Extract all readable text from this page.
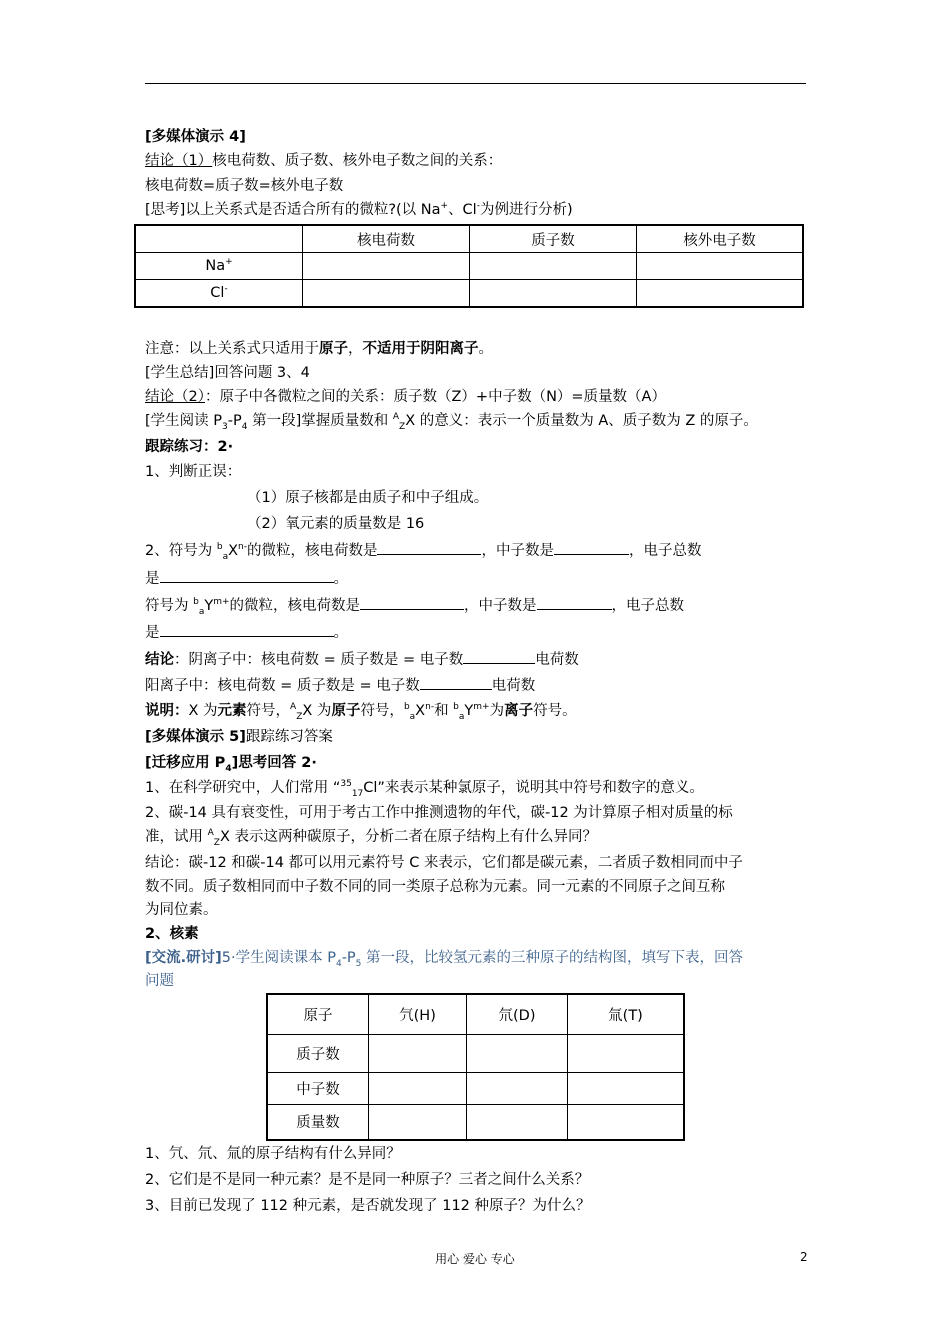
[多媒体演示 4]
结论（1）核电荷数、质子数、核外电子数之间的关系：
核电荷数=质子数=核外电子数
[思考]以上关系式是否适合所有的微粒?(以 Na+、Cl-为例进行分析)
	核电荷数	质子数	核外电子数
Na+			
Cl-			
注意：以上关系式只适用于原子，不适用于阴阳离子。
[学生总结]回答问题 3、4
结论（2）：原子中各微粒之间的关系：质子数（Z）+中子数（N）=质量数（A）
[学生阅读 $P_3-P_4$ 第一段]掌握质量数和 $^A_Z$X 的意义：表示一个质量数为 A、质子数为 Z 的原子。
跟踪练习：2·
1、判断正误：
（1）原子核都是由质子和中子组成。
（2）氧元素的质量数是 16
2、符号为 $^b_aX^{n-}$的微粒，核电荷数是	，中子数是	，电子总数
是	。
符号为 $^b_aY^{m+}$的微粒，核电荷数是	，中子数是	，电子总数
是	。
结论：阴离子中：核电荷数 = 质子数是 = 电子数	电荷数
阳离子中：核电荷数 = 质子数是 = 电子数	电荷数
说明：X 为元素符号，$^A_Z$X 为原子符号，$^b_aX^{n-}$和 $^b_aY^{m+}$为离子符号。
[多媒体演示 5]跟踪练习答案
[迁移应用 $P_4$]思考回答 2·
1、在科学研究中，人们常用 “$^{35}_{17}$Cl”来表示某种氯原子，说明其中符号和数字的意义。
2、碳-14 具有衰变性，可用于考古工作中推测遗物的年代，碳-12 为计算原子相对质量的标
准，试用 $^A_Z$X 表示这两种碳原子，分析二者在原子结构上有什么异同？
结论：碳-12 和碳-14 都可以用元素符号 C 来表示，它们都是碳元素，二者质子数相同而中子
数不同。质子数相同而中子数不同的同一类原子总称为元素。同一元素的不同原子之间互称
为同位素。
2、核素
[交流.研讨]5·学生阅读课本 $P_4-P_5$ 第一段，比较氢元素的三种原子的结构图，填写下表，回答
问题
原子	氕(H)	氘(D)	氚(T)
质子数			
中子数			
质量数			
1、氕、氘、氚的原子结构有什么异同？
2、它们是不是同一种元素？是不是同一种原子？三者之间什么关系？
3、目前已发现了 112 种元素，是否就发现了 112 种原子？为什么？
用心 爱心 专心	2
